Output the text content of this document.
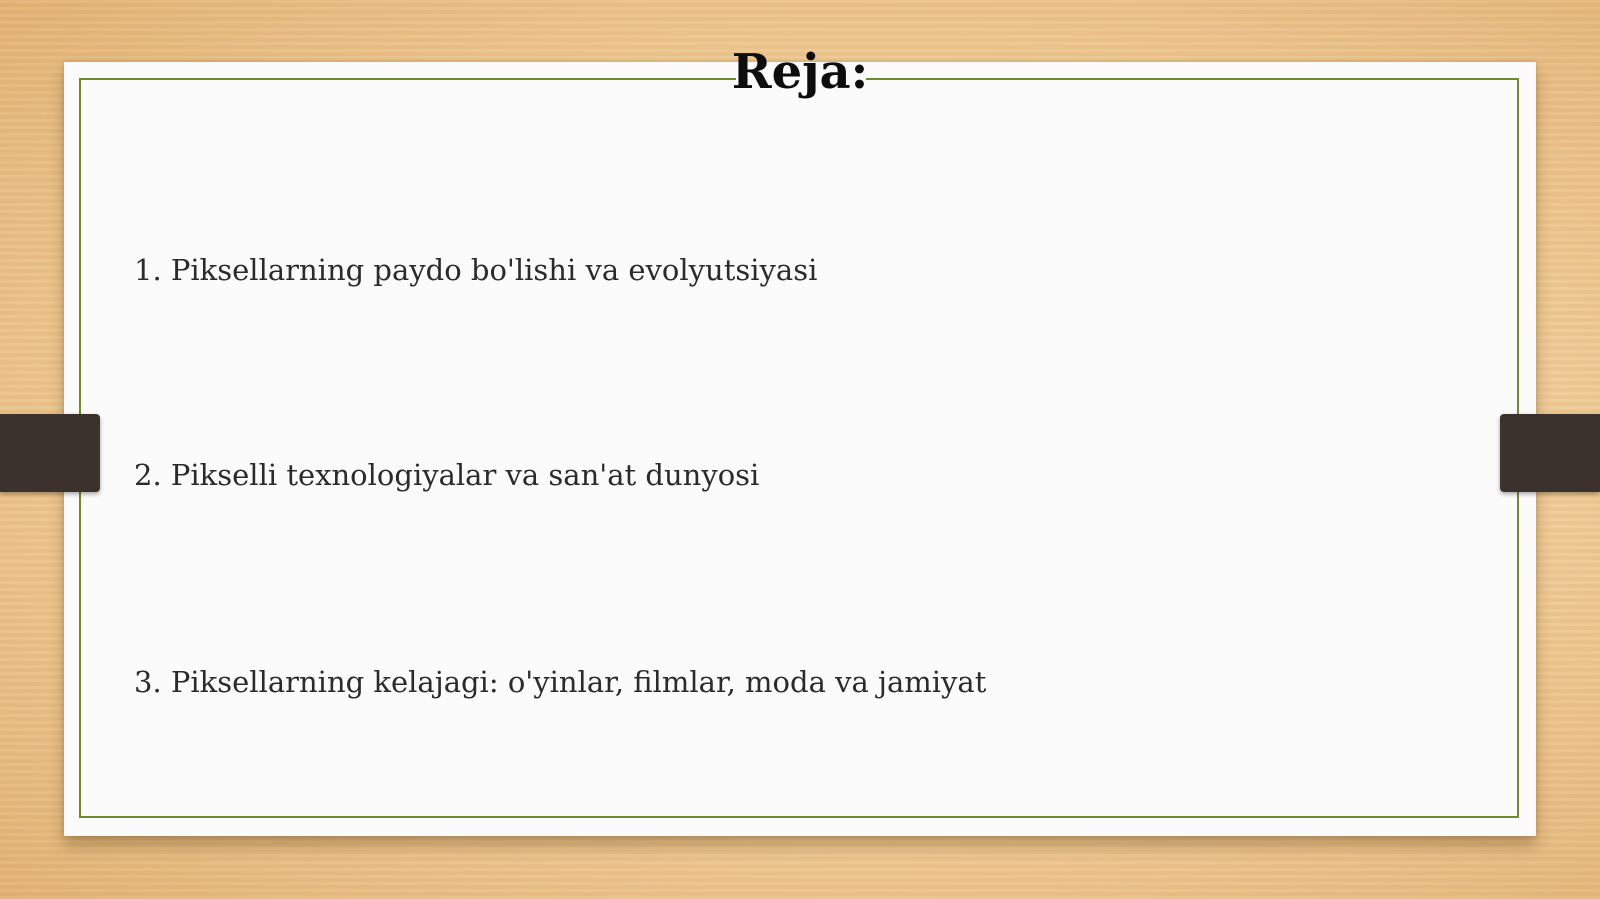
Reja:
1. Piksellarning paydo bo'lishi va evolyutsiyasi
2. Pikselli texnologiyalar va san'at dunyosi
3. Piksellarning kelajagi: o'yinlar, filmlar, moda va jamiyat
